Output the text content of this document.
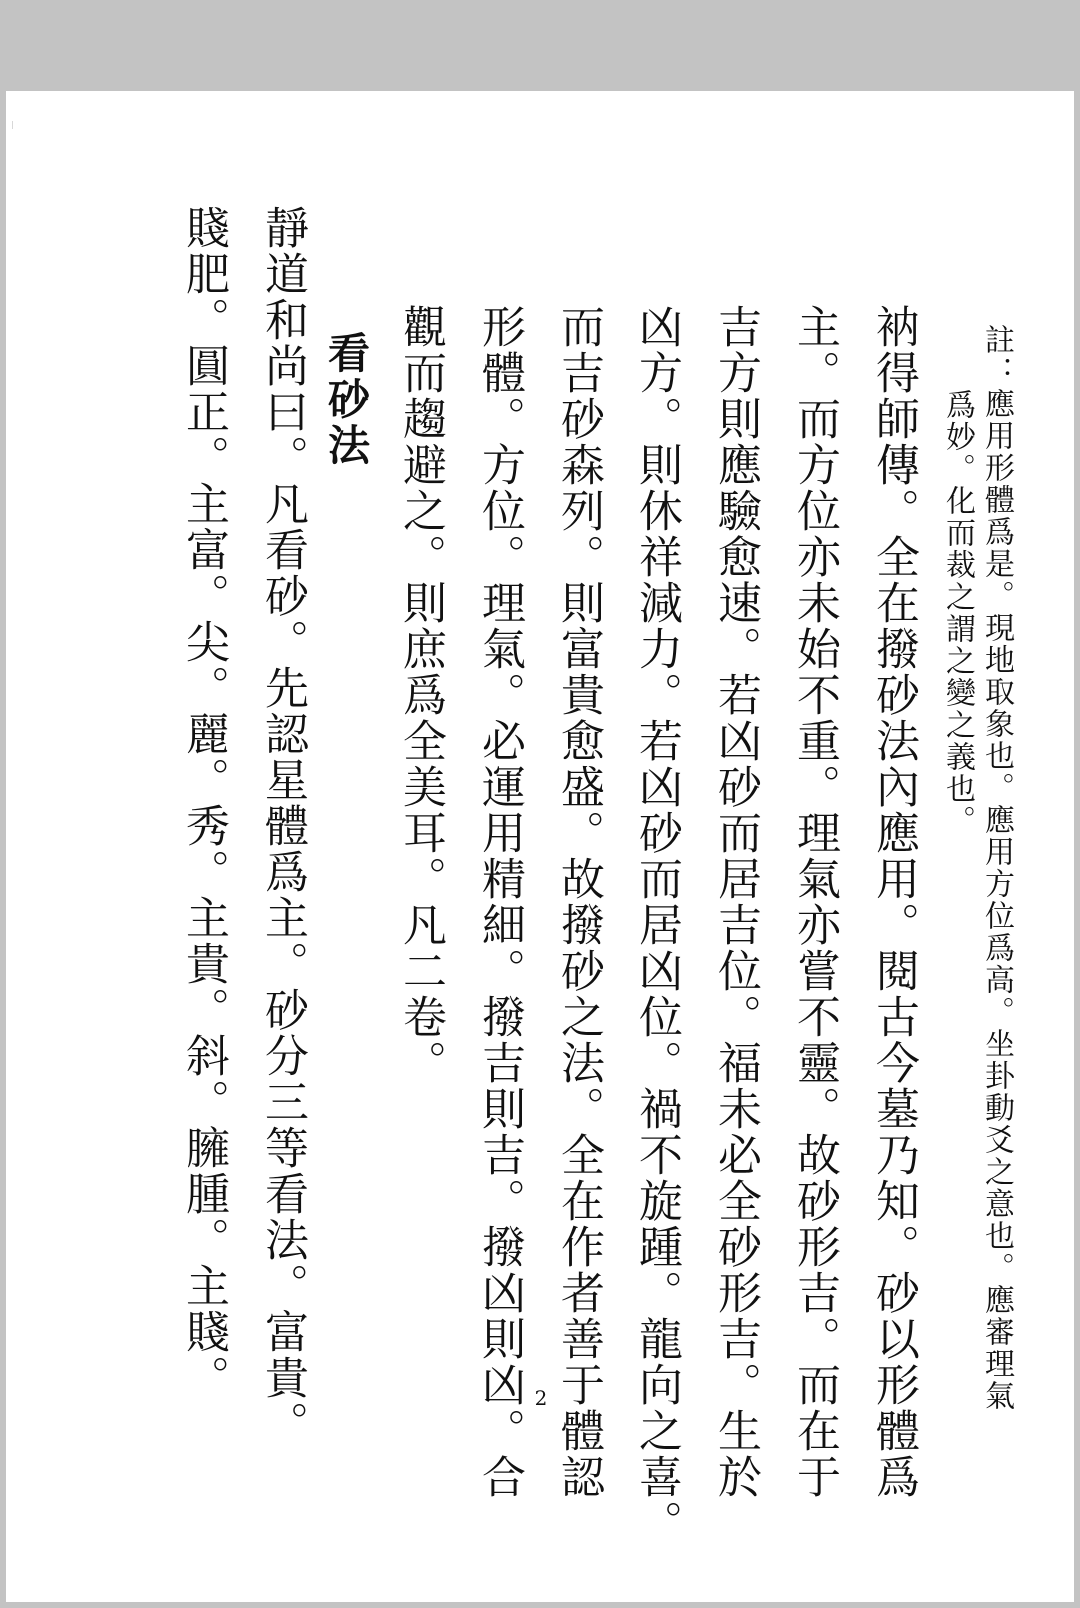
註：應用形體爲是。現地取象也。應用方位爲高。坐卦動爻之意也。應審理氣
爲妙。化而裁之謂之變之義也。
衲得師傳。全在撥砂法內應用。閱古今墓乃知。砂以形體爲
主。而方位亦未始不重。理氣亦嘗不靈。故砂形吉。而在于
吉方則應驗愈速。若凶砂而居吉位。福未必全砂形吉。生於
凶方。則休祥減力。若凶砂而居凶位。禍不旋踵。龍向之喜。
而吉砂森列。則富貴愈盛。故撥砂之法。全在作者善于體認
形體。方位。理氣。必運用精細。撥吉則吉。撥凶則凶。合
觀而趨避之。則庶爲全美耳。凡二卷。
看砂法
靜道和尚曰。凡看砂。先認星體爲主。砂分三等看法。富貴。
賤肥。圓正。主富。尖。麗。秀。主貴。斜。臃腫。主賤。	2
